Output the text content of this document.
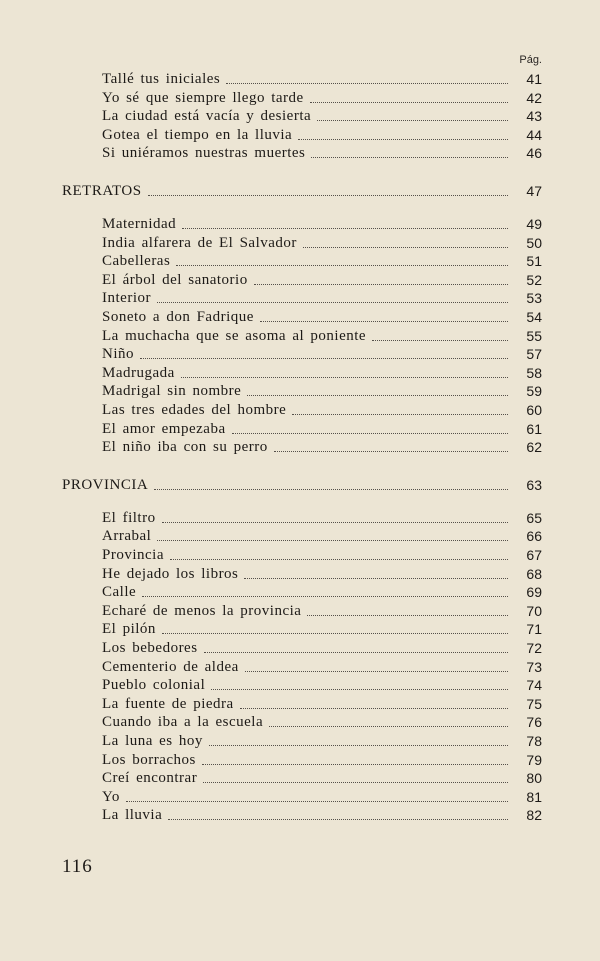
Pág.
Tallé tus iniciales	41
Yo sé que siempre llego tarde	42
La ciudad está vacía y desierta	43
Gotea el tiempo en la lluvia	44
Si uniéramos nuestras muertes	46
RETRATOS	47
Maternidad	49
India alfarera de El Salvador	50
Cabelleras	51
El árbol del sanatorio	52
Interior	53
Soneto a don Fadrique	54
La muchacha que se asoma al poniente	55
Niño	57
Madrugada	58
Madrigal sin nombre	59
Las tres edades del hombre	60
El amor empezaba	61
El niño iba con su perro	62
PROVINCIA	63
El filtro	65
Arrabal	66
Provincia	67
He dejado los libros	68
Calle	69
Echaré de menos la provincia	70
El pilón	71
Los bebedores	72
Cementerio de aldea	73
Pueblo colonial	74
La fuente de piedra	75
Cuando iba a la escuela	76
La luna es hoy	78
Los borrachos	79
Creí encontrar	80
Yo	81
La lluvia	82
116
